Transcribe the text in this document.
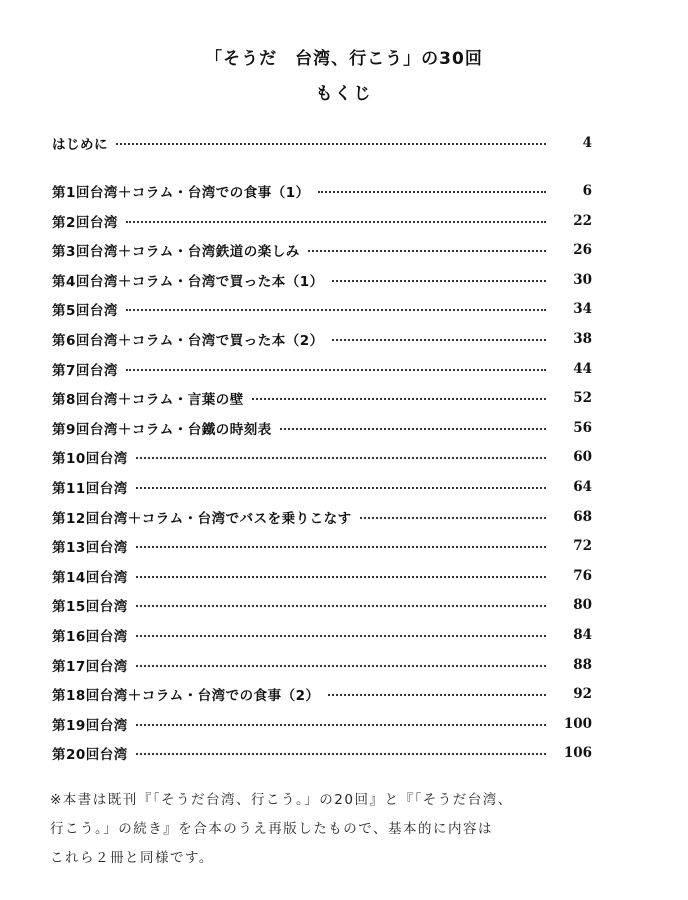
「そうだ　台湾、行こう」の30回
もくじ
はじめに	4
第1回台湾＋コラム・台湾での食事（1）	6
第2回台湾	22
第3回台湾＋コラム・台湾鉄道の楽しみ	26
第4回台湾＋コラム・台湾で買った本（1）	30
第5回台湾	34
第6回台湾＋コラム・台湾で買った本（2）	38
第7回台湾	44
第8回台湾＋コラム・言葉の壁	52
第9回台湾＋コラム・台鐵の時刻表	56
第10回台湾	60
第11回台湾	64
第12回台湾＋コラム・台湾でバスを乗りこなす	68
第13回台湾	72
第14回台湾	76
第15回台湾	80
第16回台湾	84
第17回台湾	88
第18回台湾＋コラム・台湾での食事（2）	92
第19回台湾	100
第20回台湾	106
※本書は既刊『「そうだ台湾、行こう。」の20回』と『「そうだ台湾、
行こう。」の続き』を合本のうえ再版したもので、基本的に内容は
これら２冊と同様です。
